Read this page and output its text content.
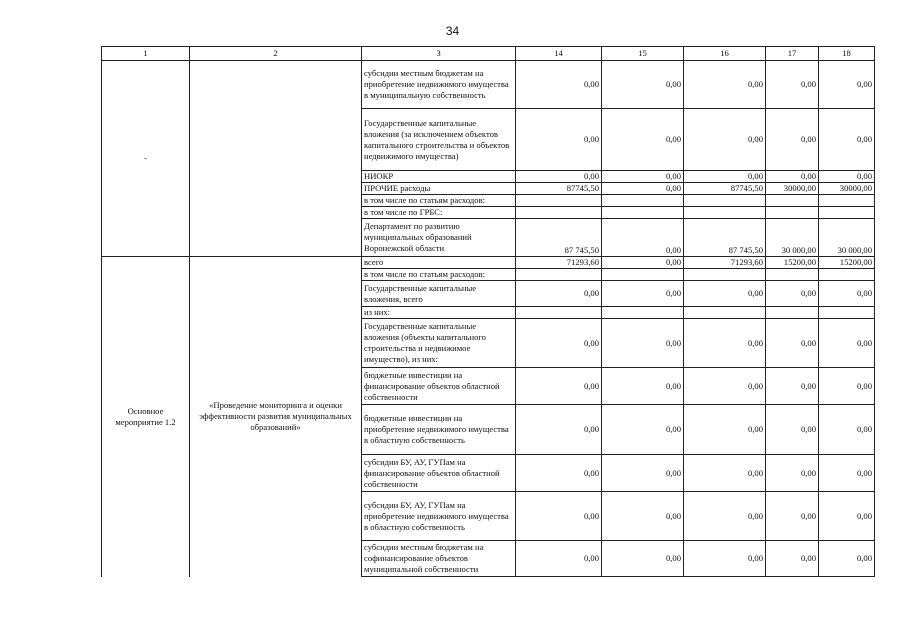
34
1	2	3	14	15	16	17	18
-		субсидии местным бюджетам на приобретение недвижимого имущества в муниципальную собственность	0,00	0,00	0,00	0,00	0,00
		Государственные капитальные вложения (за исключением объектов капитального строительства и объектов недвижимого имущества)	0,00	0,00	0,00	0,00	0,00
		НИОКР	0,00	0,00	0,00	0,00	0,00
		ПРОЧИЕ расходы	87745,50	0,00	87745,50	30000,00	30000,00
		в том числе по статьям расходов:					
		в том числе по ГРБС:					
		Департамент по развитию муниципальных образований Воронежской области	87 745,50	0,00	87 745,50	30 000,00	30 000,00
Основное мероприятие 1.2	«Проведение мониторинга и оценки эффективности развития муниципальных образований»	всего	71293,60	0,00	71293,60	15200,00	15200,00
		в том числе по статьям расходов:					
		Государственные капитальные вложения, всего	0,00	0,00	0,00	0,00	0,00
		из них:					
		Государственные капитальные вложения (объекты капитального строительства и недвижимое имущество), из них:	0,00	0,00	0,00	0,00	0,00
		бюджетные инвестиции на финансирование объектов областной собственности	0,00	0,00	0,00	0,00	0,00
		бюджетные инвестиции на приобретение недвижимого имущества в областную собственность	0,00	0,00	0,00	0,00	0,00
		субсидии БУ, АУ, ГУПам на финансирование объектов областной собственности	0,00	0,00	0,00	0,00	0,00
		субсидии БУ, АУ, ГУПам на приобретение недвижимого имущества в областную собственность	0,00	0,00	0,00	0,00	0,00
		субсидии местным бюджетам на софинансирование объектов муниципальной собственности	0,00	0,00	0,00	0,00	0,00
